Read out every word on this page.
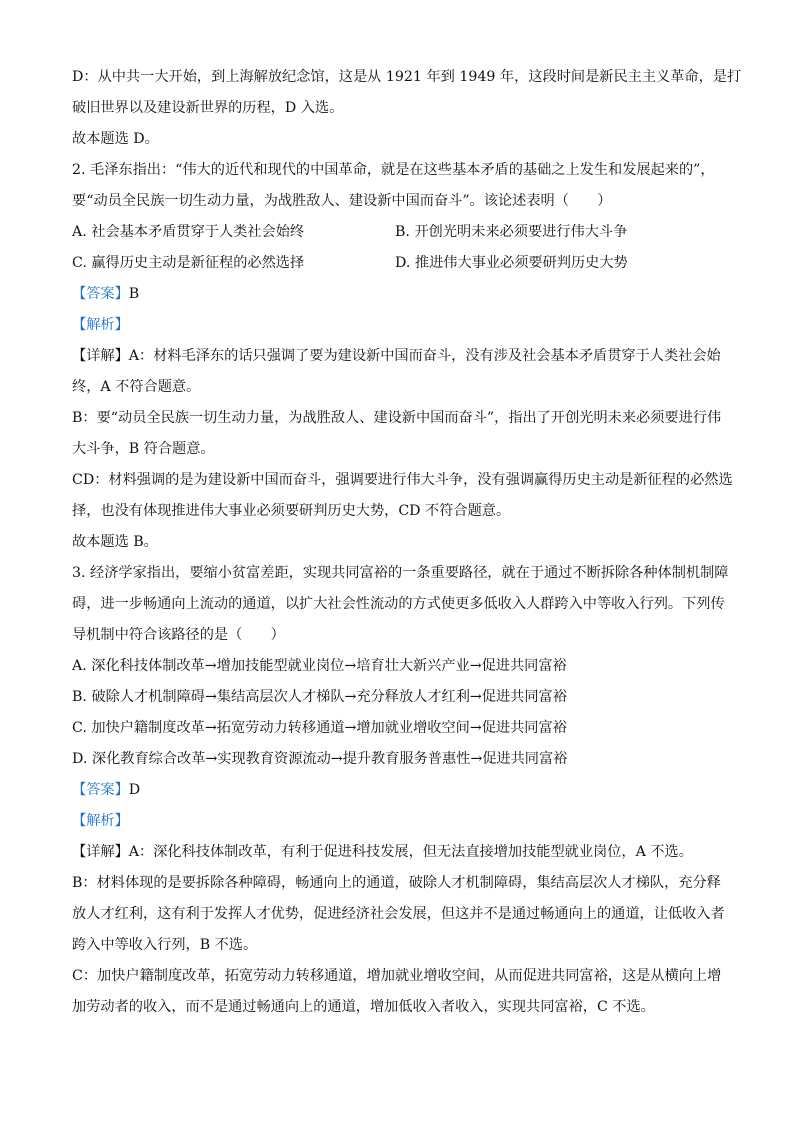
D：从中共一大开始，到上海解放纪念馆，这是从 1921 年到 1949 年，这段时间是新民主主义革命，是打
破旧世界以及建设新世界的历程，D 入选。
故本题选 D。
2. 毛泽东指出：“伟大的近代和现代的中国革命，就是在这些基本矛盾的基础之上发生和发展起来的”，
要“动员全民族一切生动力量，为战胜敌人、建设新中国而奋斗”。该论述表明（　　）
A. 社会基本矛盾贯穿于人类社会始终	B. 开创光明未来必须要进行伟大斗争
C. 赢得历史主动是新征程的必然选择	D. 推进伟大事业必须要研判历史大势
【答案】B
【解析】
【详解】A：材料毛泽东的话只强调了要为建设新中国而奋斗，没有涉及社会基本矛盾贯穿于人类社会始
终，A 不符合题意。
B：要“动员全民族一切生动力量，为战胜敌人、建设新中国而奋斗”，指出了开创光明未来必须要进行伟
大斗争，B 符合题意。
CD：材料强调的是为建设新中国而奋斗，强调要进行伟大斗争，没有强调赢得历史主动是新征程的必然选
择，也没有体现推进伟大事业必须要研判历史大势，CD 不符合题意。
故本题选 B。
3. 经济学家指出，要缩小贫富差距，实现共同富裕的一条重要路径，就在于通过不断拆除各种体制机制障
碍，进一步畅通向上流动的通道，以扩大社会性流动的方式使更多低收入人群跨入中等收入行列。下列传
导机制中符合该路径的是（　　）
A. 深化科技体制改革→增加技能型就业岗位→培育壮大新兴产业→促进共同富裕
B. 破除人才机制障碍→集结高层次人才梯队→充分释放人才红利→促进共同富裕
C. 加快户籍制度改革→拓宽劳动力转移通道→增加就业增收空间→促进共同富裕
D. 深化教育综合改革→实现教育资源流动→提升教育服务普惠性→促进共同富裕
【答案】D
【解析】
【详解】A：深化科技体制改革，有利于促进科技发展，但无法直接增加技能型就业岗位，A 不选。
B：材料体现的是要拆除各种障碍，畅通向上的通道，破除人才机制障碍，集结高层次人才梯队，充分释
放人才红利，这有利于发挥人才优势，促进经济社会发展，但这并不是通过畅通向上的通道，让低收入者
跨入中等收入行列，B 不选。
C：加快户籍制度改革，拓宽劳动力转移通道，增加就业增收空间，从而促进共同富裕，这是从横向上增
加劳动者的收入，而不是通过畅通向上的通道，增加低收入者收入，实现共同富裕，C 不选。
